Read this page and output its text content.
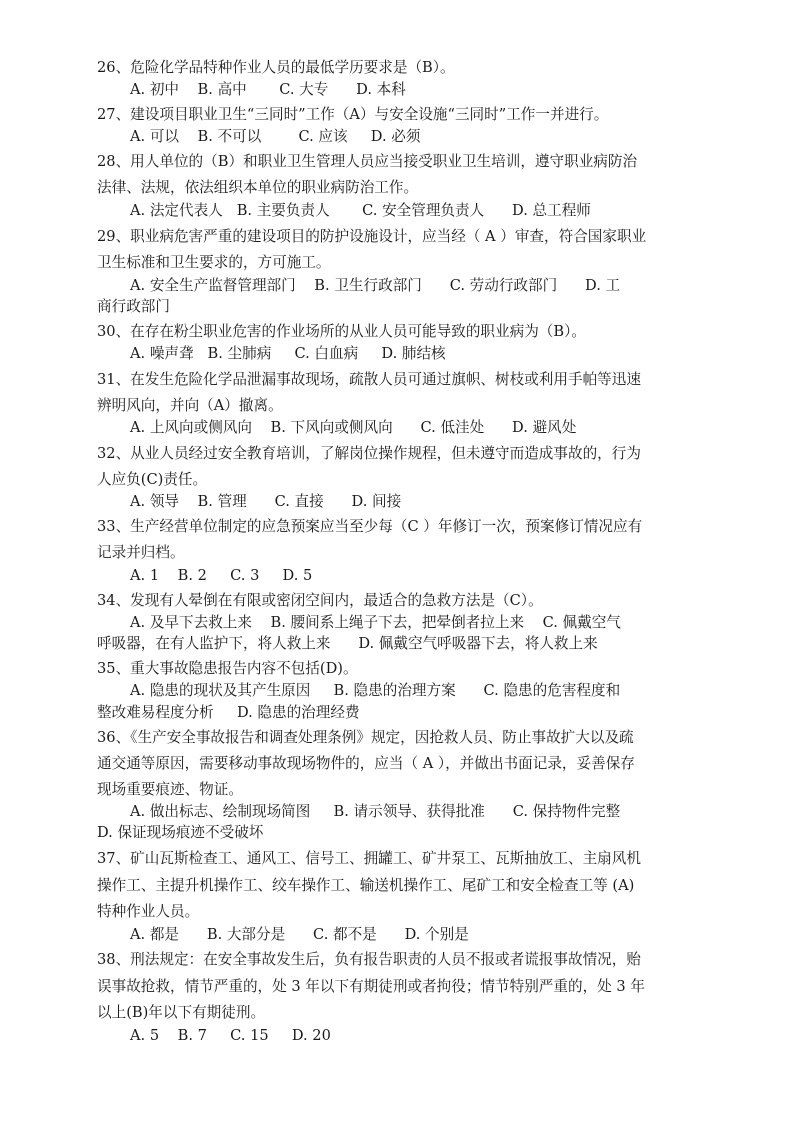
26、危险化学品特种作业人员的最低学历要求是（B）。
A. 初中    B. 高中       C. 大专      D. 本科
27、建设项目职业卫生“三同时”工作（A）与安全设施“三同时”工作一并进行。
A. 可以    B. 不可以        C. 应该     D. 必须
28、用人单位的（B）和职业卫生管理人员应当接受职业卫生培训，遵守职业病防治
法律、法规，依法组织本单位的职业病防治工作。
A. 法定代表人   B. 主要负责人       C. 安全管理负责人      D. 总工程师
29、职业病危害严重的建设项目的防护设施设计，应当经（ A ）审查，符合国家职业
卫生标准和卫生要求的，方可施工。
A. 安全生产监督管理部门    B. 卫生行政部门      C. 劳动行政部门      D. 工
商行政部门
30、在存在粉尘职业危害的作业场所的从业人员可能导致的职业病为（B）。
A. 噪声聋   B. 尘肺病     C. 白血病     D. 肺结核
31、在发生危险化学品泄漏事故现场，疏散人员可通过旗帜、树枝或利用手帕等迅速
辨明风向，并向（A）撤离。
A. 上风向或侧风向    B. 下风向或侧风向      C. 低洼处      D. 避风处
32、从业人员经过安全教育培训，了解岗位操作规程，但未遵守而造成事故的，行为
人应负(C)责任。
A. 领导    B. 管理      C. 直接      D. 间接
33、生产经营单位制定的应急预案应当至少每（C ）年修订一次，预案修订情况应有
记录并归档。
A. 1    B. 2     C. 3     D. 5
34、发现有人晕倒在有限或密闭空间内，最适合的急救方法是（C）。
A. 及早下去救上来    B. 腰间系上绳子下去，把晕倒者拉上来    C. 佩戴空气
呼吸器，在有人监护下，将人救上来      D. 佩戴空气呼吸器下去，将人救上来
35、重大事故隐患报告内容不包括(D)。
A. 隐患的现状及其产生原因     B. 隐患的治理方案      C. 隐患的危害程度和
整改难易程度分析     D. 隐患的治理经费
36、《生产安全事故报告和调查处理条例》规定，因抢救人员、防止事故扩大以及疏
通交通等原因，需要移动事故现场物件的，应当（ A ），并做出书面记录，妥善保存
现场重要痕迹、物证。
A. 做出标志、绘制现场简图     B. 请示领导、获得批准      C. 保持物件完整
D. 保证现场痕迹不受破坏
37、矿山瓦斯检查工、通风工、信号工、拥罐工、矿井泵工、瓦斯抽放工、主扇风机
操作工、主提升机操作工、绞车操作工、输送机操作工、尾矿工和安全检查工等 (A)
特种作业人员。
A. 都是      B. 大部分是      C. 都不是      D. 个别是
38、刑法规定：在安全事故发生后，负有报告职责的人员不报或者谎报事故情况，贻
误事故抢救，情节严重的，处 3 年以下有期徒刑或者拘役；情节特别严重的，处 3 年
以上(B)年以下有期徒刑。
A. 5    B. 7     C. 15     D. 20
